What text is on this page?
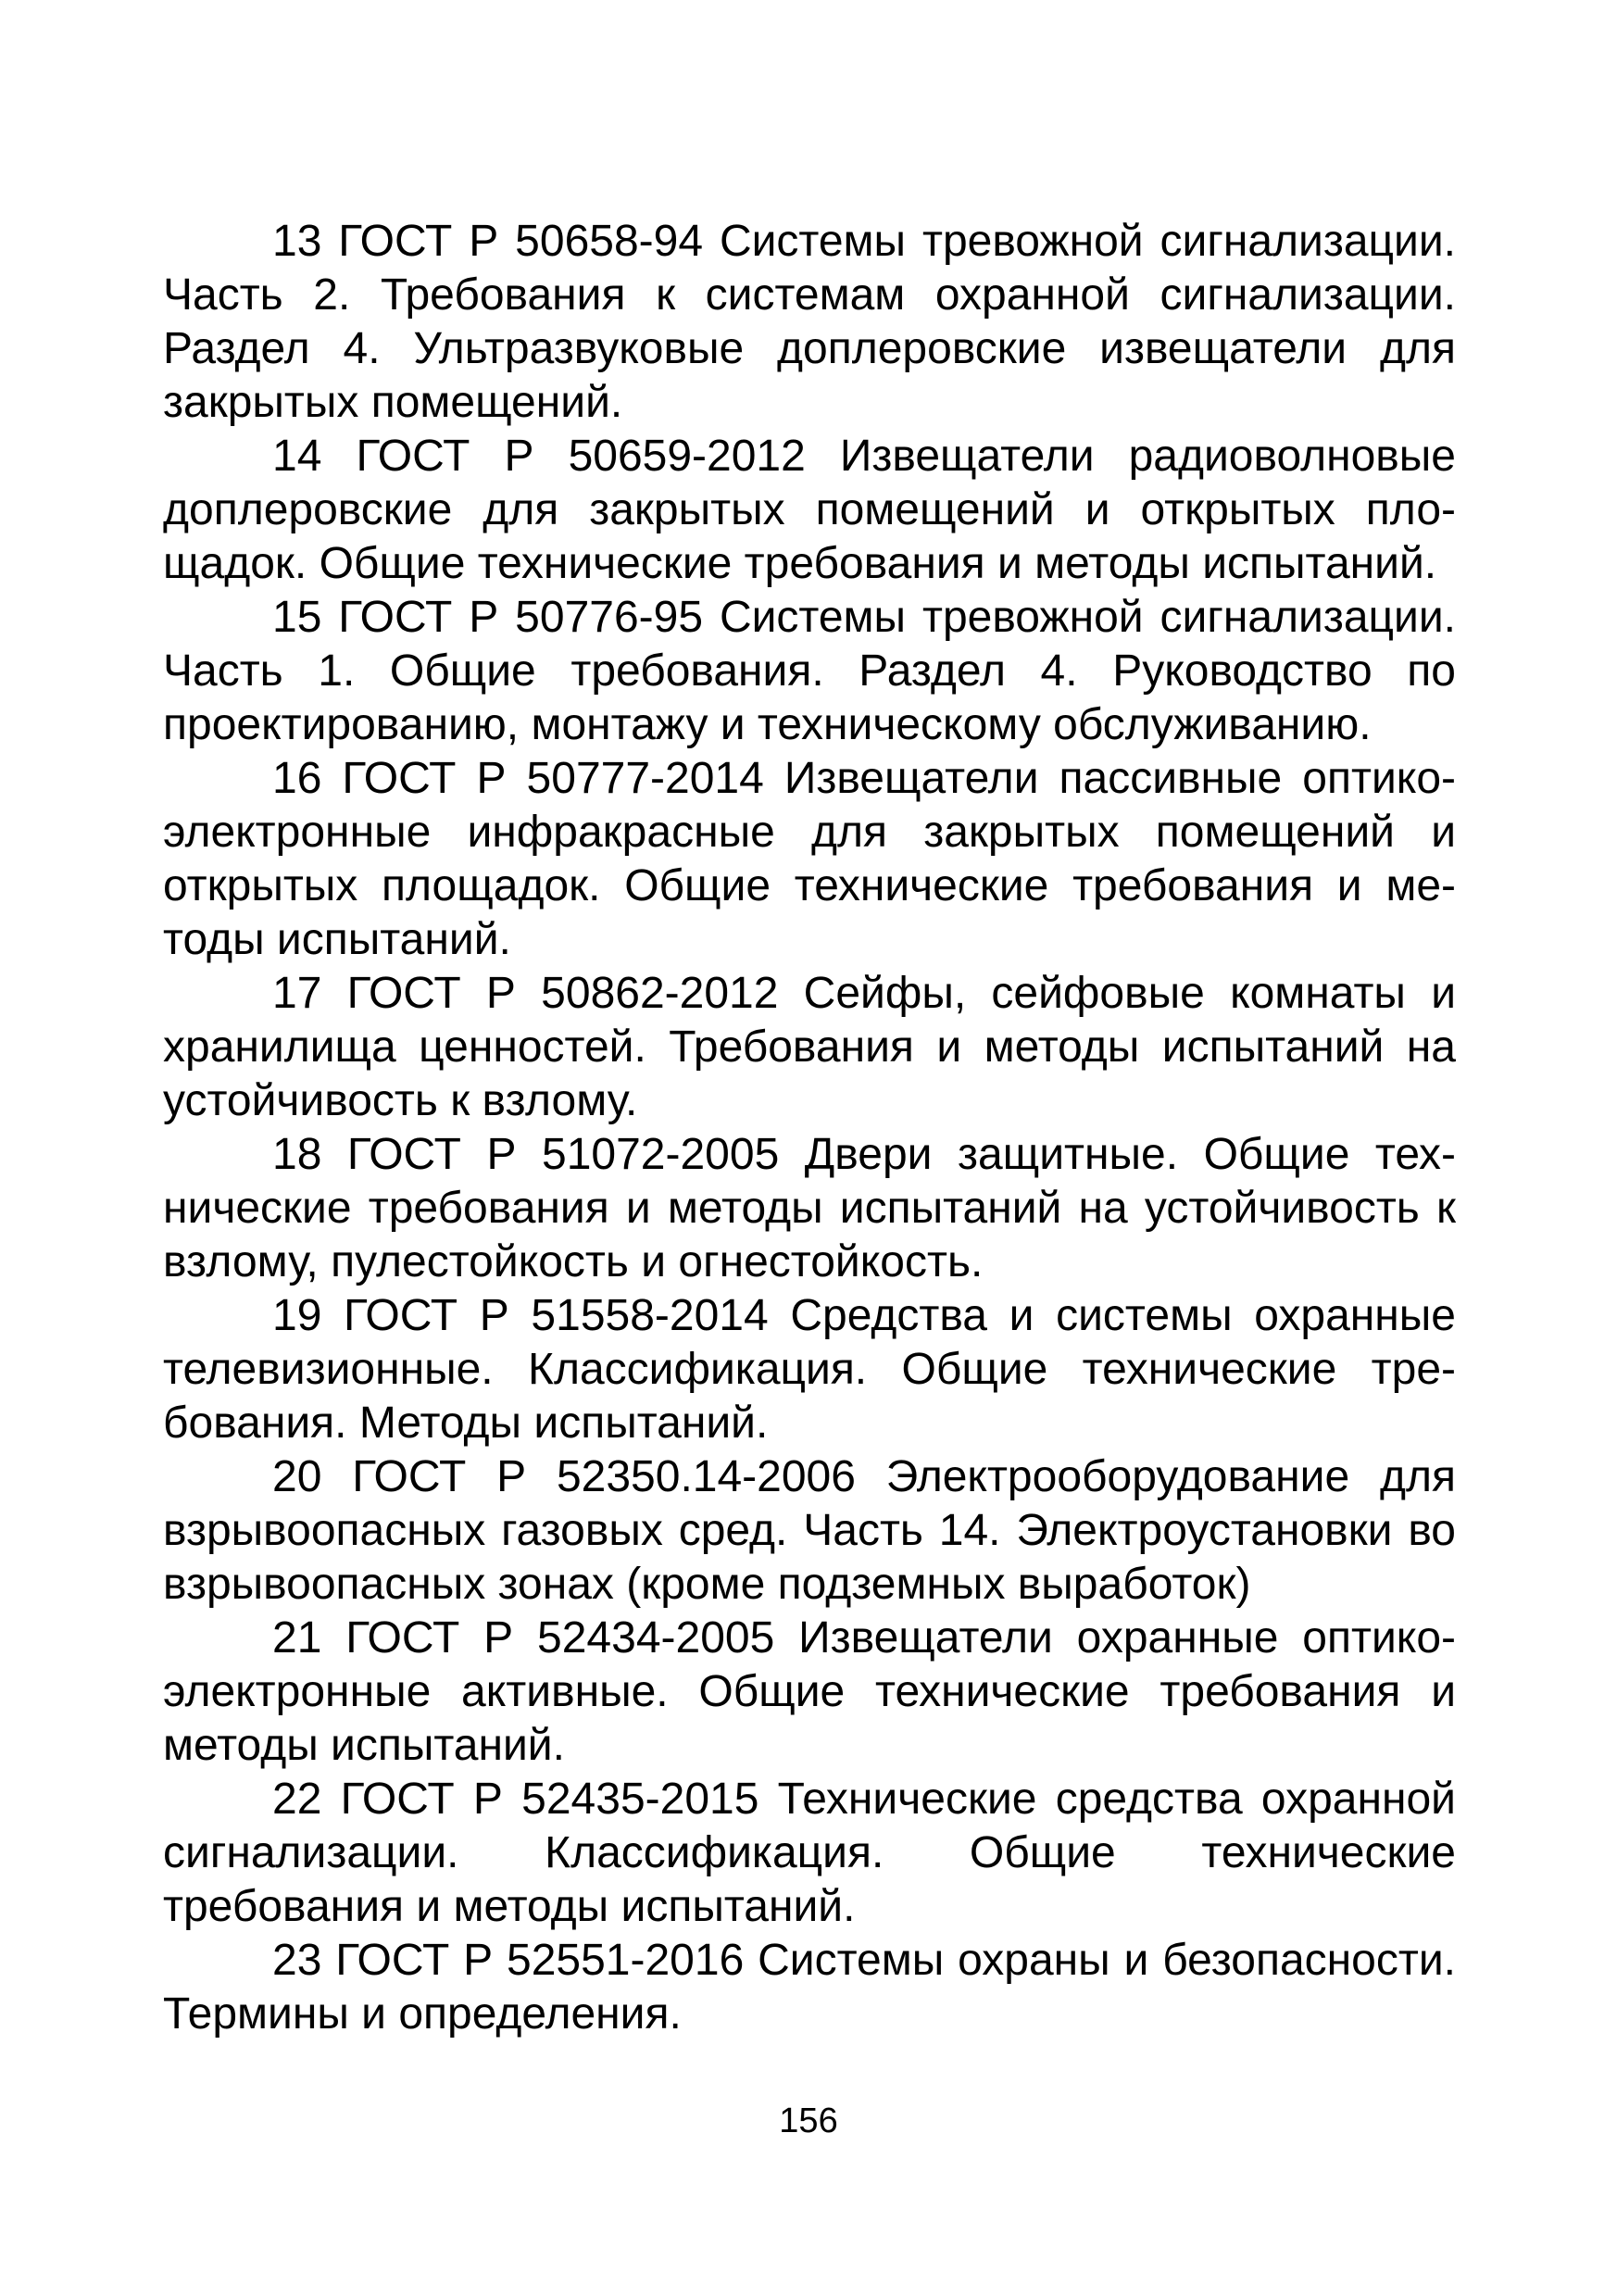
13 ГОСТ Р 50658-94 Системы тревожной сигнализации. Часть 2. Требования к системам охранной сигнализации. Раздел 4. Ультразвуковые доплеровские извещатели для закрытых помещений.

14 ГОСТ Р 50659-2012 Извещатели радиоволновые доплеровские для закрытых помещений и открытых площадок. Общие технические требования и методы испытаний.

15 ГОСТ Р 50776-95 Системы тревожной сигнализации. Часть 1. Общие требования. Раздел 4. Руководство по проектированию, монтажу и техническому обслуживанию.

16 ГОСТ Р 50777-2014 Извещатели пассивные оптико-электронные инфракрасные для закрытых помещений и открытых площадок. Общие технические требования и методы испытаний.

17 ГОСТ Р 50862-2012 Сейфы, сейфовые комнаты и хранилища ценностей. Требования и методы испытаний на устойчивость к взлому.

18 ГОСТ Р 51072-2005 Двери защитные. Общие технические требования и методы испытаний на устойчивость к взлому, пулестойкость и огнестойкость.

19 ГОСТ Р 51558-2014 Средства и системы охранные телевизионные. Классификация. Общие технические требования. Методы испытаний.

20 ГОСТ Р 52350.14-2006 Электрооборудование для взрывоопасных газовых сред. Часть 14. Электроустановки во взрывоопасных зонах (кроме подземных выработок)

21 ГОСТ Р 52434-2005 Извещатели охранные оптико-электронные активные. Общие технические требования и методы испытаний.

22 ГОСТ Р 52435-2015 Технические средства охранной сигнализации. Классификация. Общие технические требования и методы испытаний.

23 ГОСТ Р 52551-2016 Системы охраны и безопасности. Термины и определения.

156
